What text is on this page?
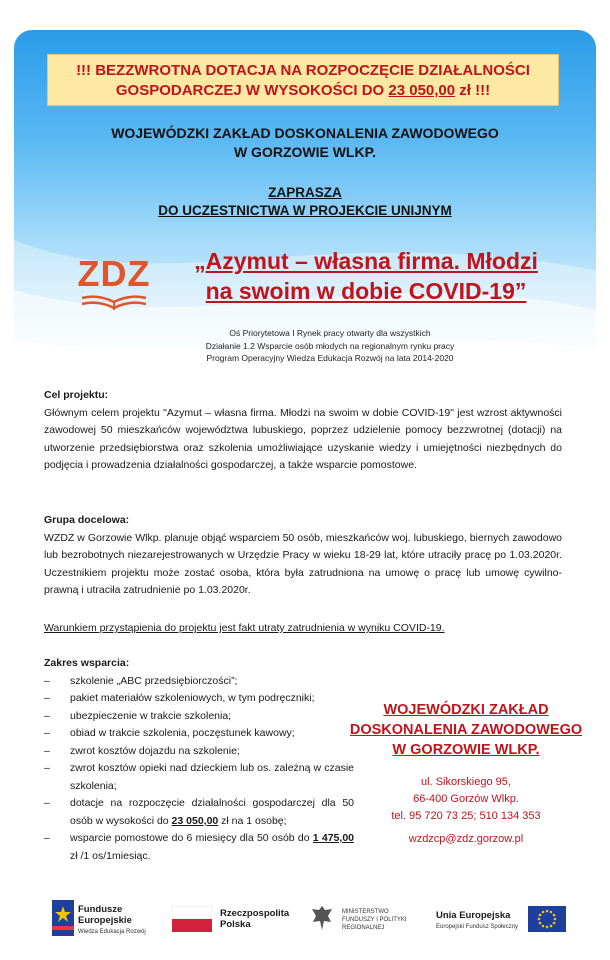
!!! BEZZWROTNA DOTACJA NA ROZPOCZĘCIE DZIAŁALNOŚCI
GOSPODARCZEJ W WYSOKOŚCI DO 23 050,00 zł !!!
WOJEWÓDZKI ZAKŁAD DOSKONALENIA ZAWODOWEGO
W GORZOWIE WLKP.
ZAPRASZA
DO UCZESTNICTWA W PROJEKCIE UNIJNYM
ZDZ	„Azymut – własna firma. Młodzi
na swoim w dobie COVID-19”
Oś Priorytetowa I Rynek pracy otwarty dla wszystkich
Działanie 1.2 Wsparcie osób młodych na regionalnym rynku pracy
Program Operacyjny Wiedza Edukacja Rozwój na lata 2014-2020
Cel projektu:
Głównym celem projektu "Azymut – własna firma. Młodzi na swoim w dobie COVID-19" jest wzrost aktywności zawodowej 50 mieszkańców województwa lubuskiego, poprzez udzielenie pomocy bezzwrotnej (dotacji) na utworzenie przedsiębiorstwa oraz szkolenia umożliwiające uzyskanie wiedzy i umiejętności niezbędnych do podjęcia i prowadzenia działalności gospodarczej, a także wsparcie pomostowe.
Grupa docelowa:
WZDZ w Gorzowie Wlkp. planuje objąć wsparciem 50 osób, mieszkańców woj. lubuskiego, biernych zawodowo lub bezrobotnych niezarejestrowanych w Urzędzie Pracy w wieku 18-29 lat, które utraciły pracę po 1.03.2020r. Uczestnikiem projektu może zostać osoba, która była zatrudniona na umowę o pracę lub umowę cywilno-prawną i utraciła zatrudnienie po 1.03.2020r.
Warunkiem przystąpienia do projektu jest fakt utraty zatrudnienia w wyniku COVID-19.
Zakres wsparcia:
– szkolenie „ABC przedsiębiorczości”;
– pakiet materiałów szkoleniowych, w tym podręczniki;
– ubezpieczenie w trakcie szkolenia;
– obiad w trakcie szkolenia, poczęstunek kawowy;
– zwrot kosztów dojazdu na szkolenie;
– zwrot kosztów opieki nad dzieckiem lub os. zależną w czasie szkolenia;
– dotacje na rozpoczęcie działalności gospodarczej dla 50 osób w wysokości do 23 050,00 zł na 1 osobę;
– wsparcie pomostowe do 6 miesięcy dla 50 osób do 1 475,00 zł /1 os/1miesiąc.
WOJEWÓDZKI ZAKŁAD
DOSKONALENIA ZAWODOWEGO
W GORZOWIE WLKP.
ul. Sikorskiego 95,
66-400 Gorzów Wlkp.
tel. 95 720 73 25; 510 134 353
wzdzcp@zdz.gorzow.pl
Fundusze
Europejskie
Wiedza Edukacja Rozwój
Rzeczpospolita
Polska
MINISTERSTWO
FUNDUSZY I POLITYKI
REGIONALNEJ
Unia Europejska
Europejski Fundusz Społeczny
